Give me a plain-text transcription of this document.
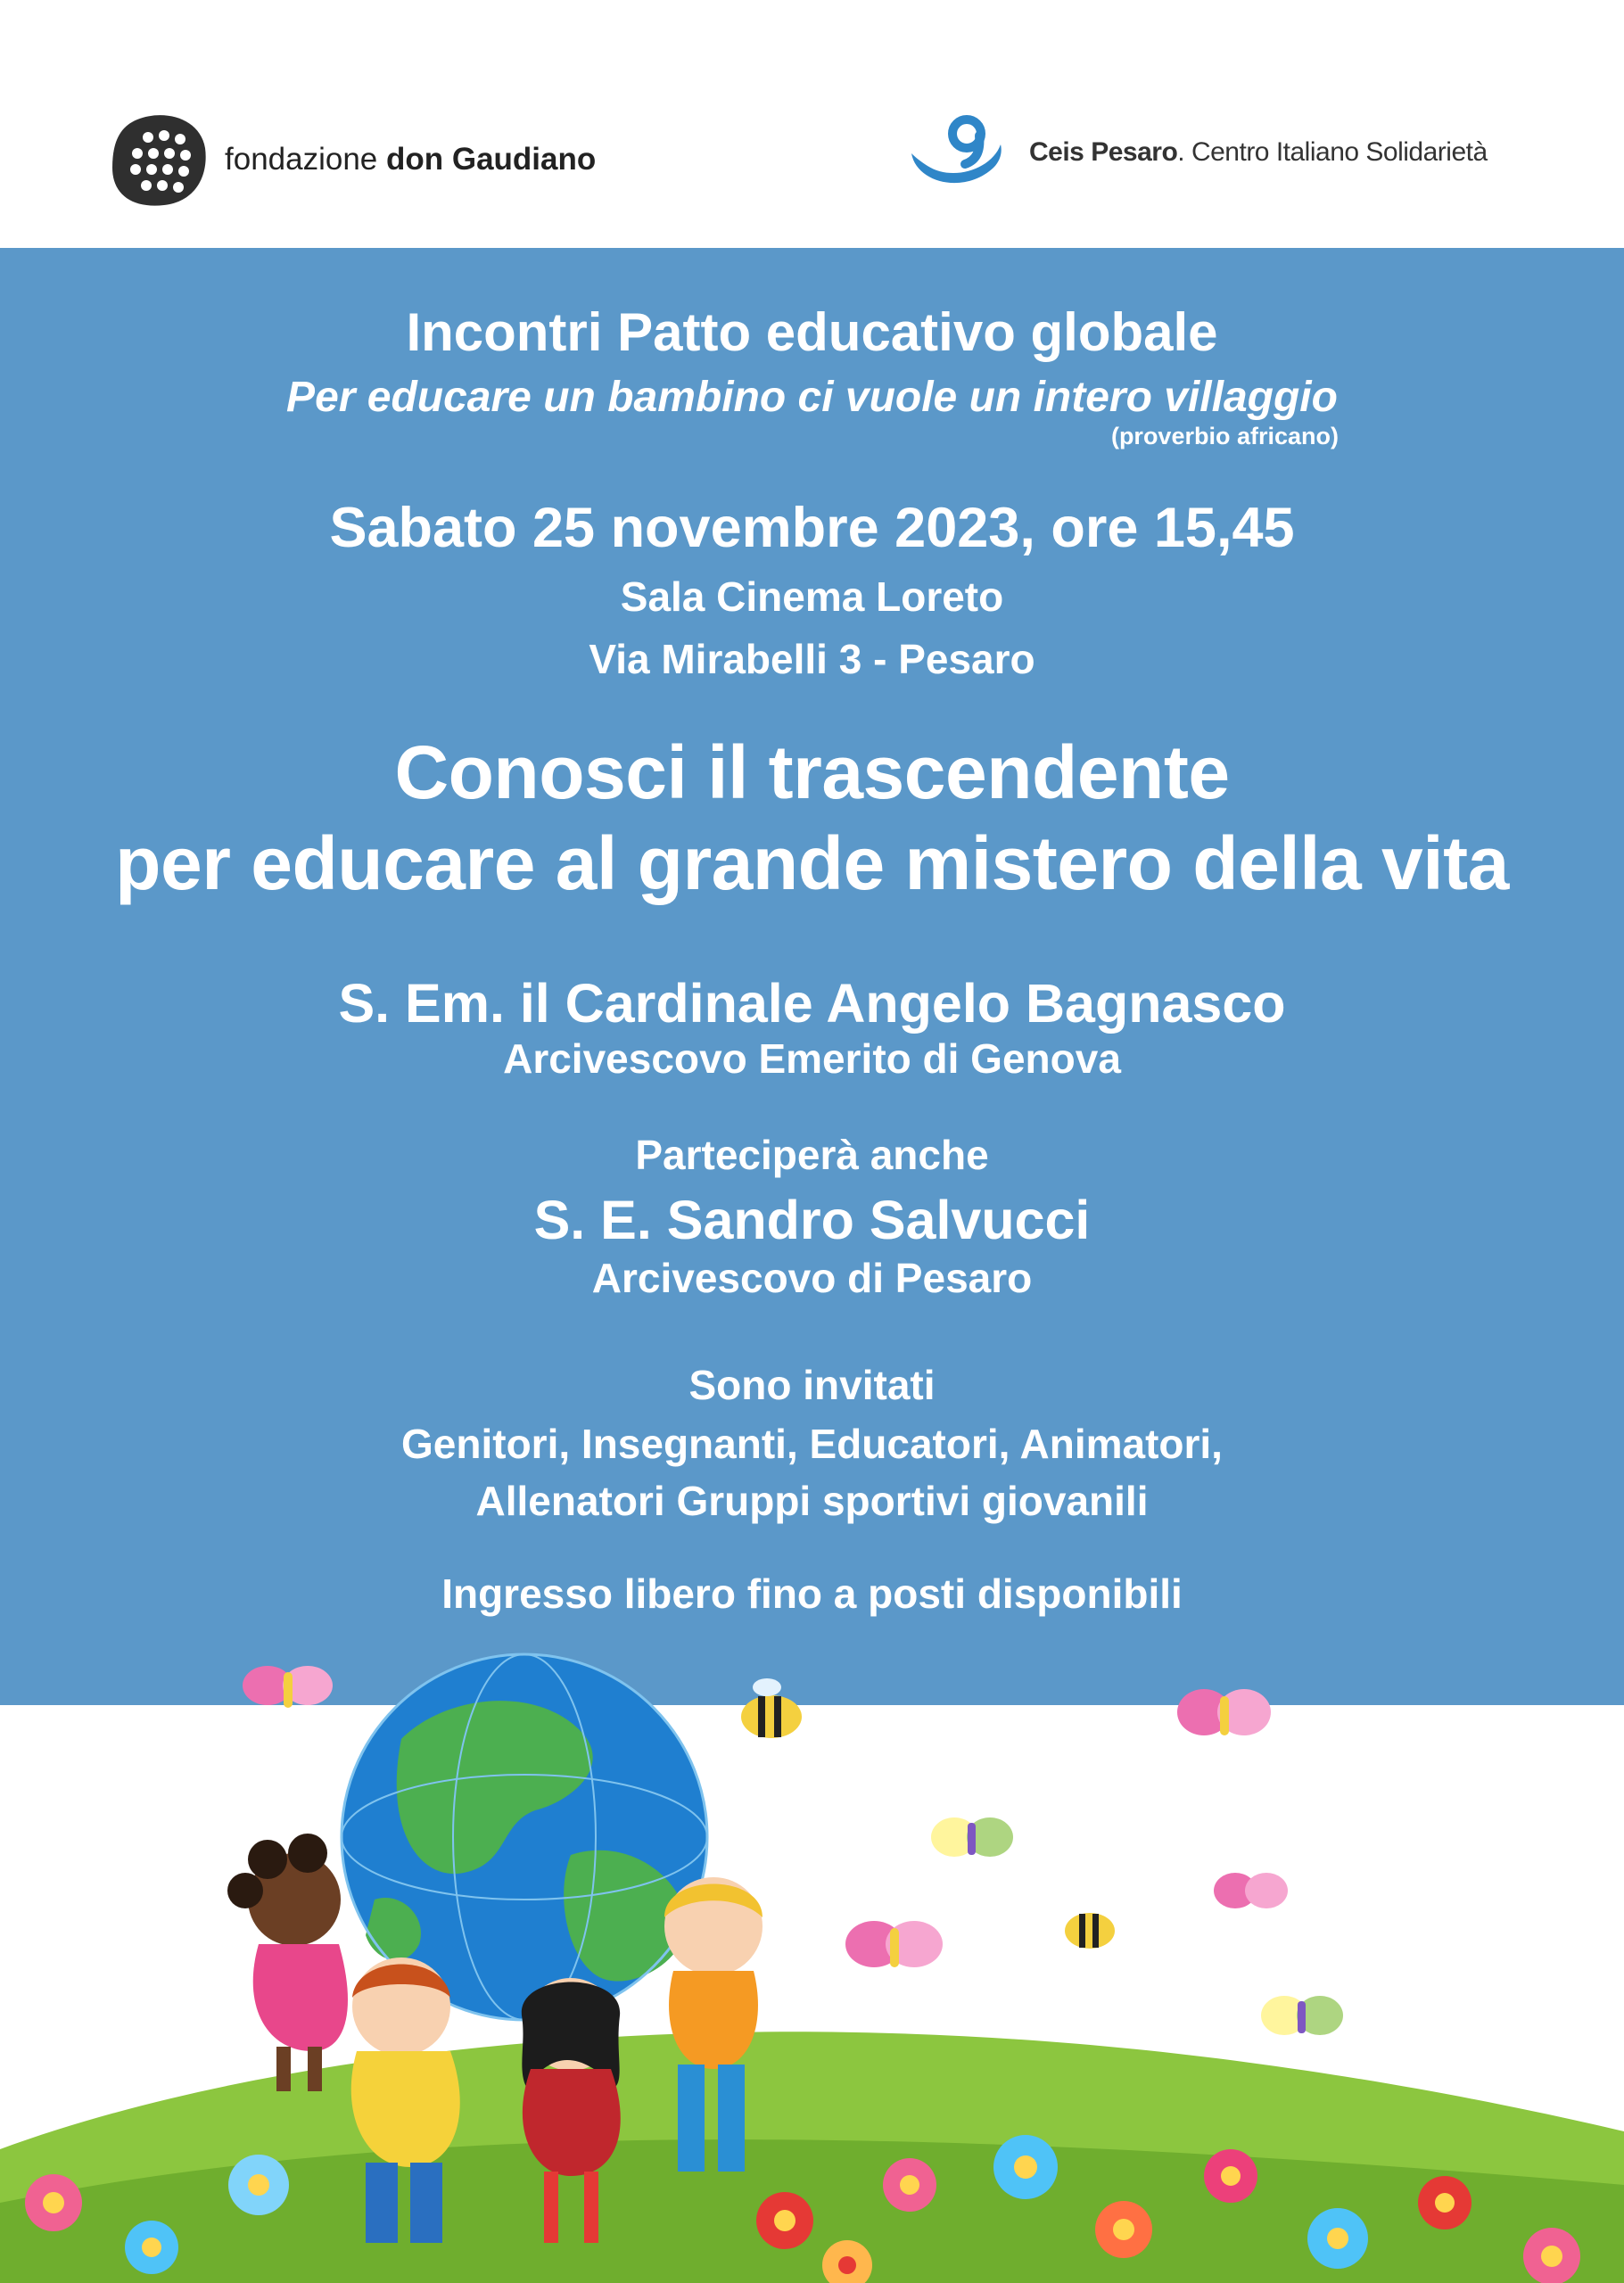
fondazione don Gaudiano	Ceis Pesaro. Centro Italiano Solidarietà
Incontri Patto educativo globale
Per educare un bambino ci vuole un intero villaggio
(proverbio africano)
Sabato 25 novembre 2023, ore 15,45
Sala Cinema Loreto
Via Mirabelli 3 - Pesaro
Conosci il trascendente
per educare al grande mistero della vita
S. Em. il Cardinale Angelo Bagnasco
Arcivescovo Emerito di Genova
Parteciperà anche
S. E. Sandro Salvucci
Arcivescovo di Pesaro
Sono invitati
Genitori, Insegnanti, Educatori, Animatori,
Allenatori Gruppi sportivi giovanili
Ingresso libero fino a posti disponibili
